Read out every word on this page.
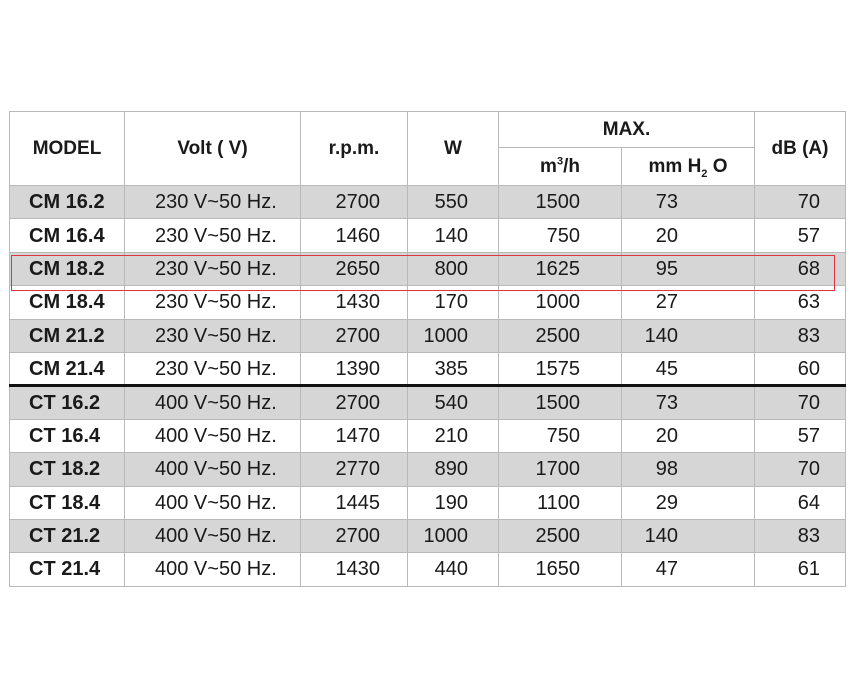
MODEL	Volt ( V)	r.p.m.	W	MAX.		dB (A)
				$m^3/h$	mm $H_2$ O	
CM 16.2	230 V~50 Hz.	2700	550	1500	73	70
CM 16.4	230 V~50 Hz.	1460	140	750	20	57
CM 18.2	230 V~50 Hz.	2650	800	1625	95	68
CM 18.4	230 V~50 Hz.	1430	170	1000	27	63
CM 21.2	230 V~50 Hz.	2700	1000	2500	140	83
CM 21.4	230 V~50 Hz.	1390	385	1575	45	60
CT 16.2	400 V~50 Hz.	2700	540	1500	73	70
CT 16.4	400 V~50 Hz.	1470	210	750	20	57
CT 18.2	400 V~50 Hz.	2770	890	1700	98	70
CT 18.4	400 V~50 Hz.	1445	190	1100	29	64
CT 21.2	400 V~50 Hz.	2700	1000	2500	140	83
CT 21.4	400 V~50 Hz.	1430	440	1650	47	61
